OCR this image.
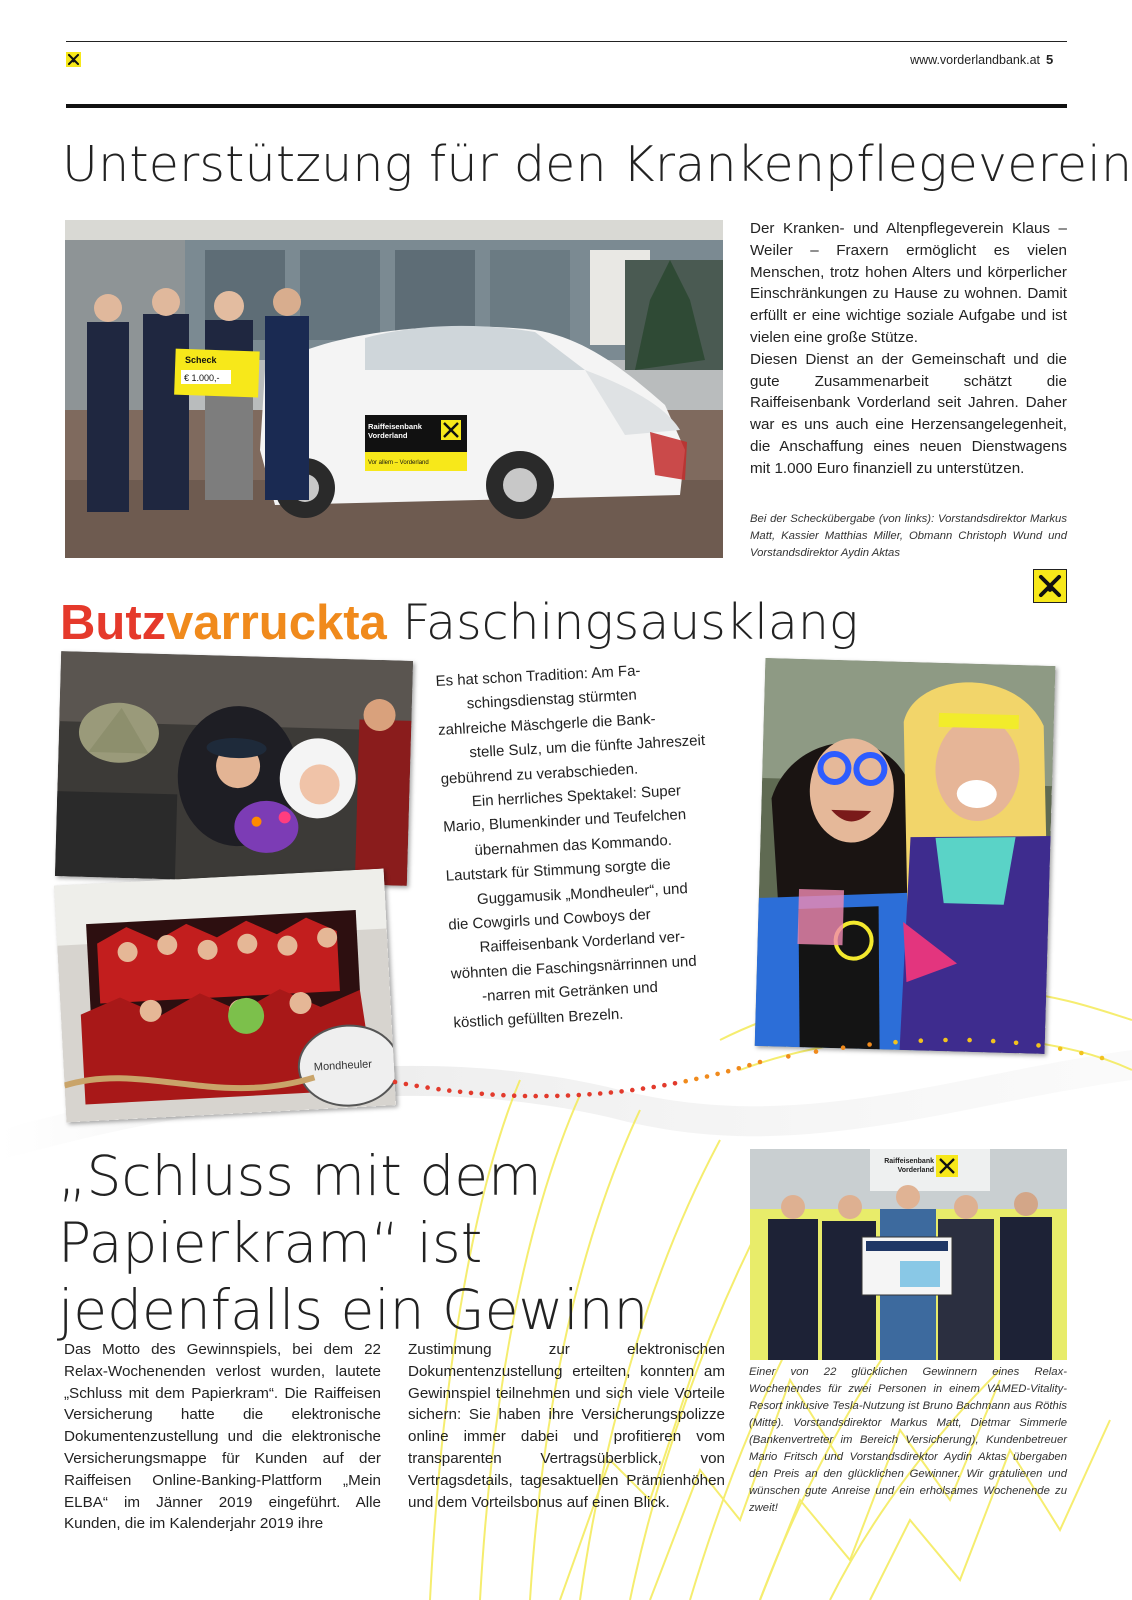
www.vorderlandbank.at 5
Unterstützung für den Krankenpflegeverein
Scheck
€ 1.000,-
Raiffeisenbank
Vorderland
Vor allem – Vorderland

Der Kranken- und Altenpflegeverein Klaus – Weiler – Fraxern ermöglicht es vielen Menschen, trotz hohen Alters und körperlicher Einschränkungen zu Hause zu wohnen. Damit erfüllt er eine wichtige soziale Aufgabe und ist vielen eine große Stütze.

Diesen Dienst an der Gemeinschaft und die gute Zusammenarbeit schätzt die Raiffeisenbank Vorderland seit Jahren. Daher war es uns auch eine Herzensangelegenheit, die Anschaffung eines neuen Dienstwagens mit 1.000 Euro finanziell zu unterstützen.

Bei der Scheckübergabe (von links): Vorstandsdirektor Markus Matt, Kassier Matthias Miller, Obmann Christoph Wund und Vorstandsdirektor Aydin Aktas

Butzvarruckta Faschingsausklang
Mondheuler

Es hat schon Tradition: Am Fa-

schingsdienstag stürmten

zahlreiche Mäschgerle die Bank-

stelle Sulz, um die fünfte Jahreszeit

gebührend zu verabschieden.

Ein herrliches Spektakel: Super

Mario, Blumenkinder und Teufelchen

übernahmen das Kommando.

Lautstark für Stimmung sorgte die

Guggamusik „Mondheuler“, und

die Cowgirls und Cowboys der

Raiffeisenbank Vorderland ver-

wöhnten die Faschingsnärrinnen und

-narren mit Getränken und

köstlich gefüllten Brezeln.

„Schluss mit dem
Papierkram“ ist
jedenfalls ein Gewinn

Das Motto des Gewinnspiels, bei dem 22 Relax-Wochenenden verlost wurden, lautete „Schluss mit dem Papierkram“. Die Raiffeisen Versicherung hatte die elektronische Dokumentenzustellung und die elektronische Versicherungsmappe für Kunden auf der Raiffeisen Online-Banking-Plattform „Mein ELBA“ im Jänner 2019 eingeführt. Alle Kunden, die im Kalenderjahr 2019 ihre

Zustimmung zur elektronischen Dokumentenzustellung erteilten, konnten am Gewinnspiel teilnehmen und sich viele Vorteile sichern: Sie haben ihre Versicherungspolizze online immer dabei und profitieren vom transparenten Vertragsüberblick, von Vertragsdetails, tagesaktuellen Prämienhöhen und dem Vorteilsbonus auf einen Blick.

Raiffeisenbank Vorderland

Einer von 22 glücklichen Gewinnern eines Relax-Wochenendes für zwei Personen in einem VAMED-Vitality-Resort inklusive Tesla-Nutzung ist Bruno Bachmann aus Röthis (Mitte). Vorstandsdirektor Markus Matt, Dietmar Simmerle (Bankenvertreter im Bereich Versicherung), Kundenbetreuer Mario Fritsch und Vorstandsdirektor Aydin Aktas übergaben den Preis an den glücklichen Gewinner. Wir gratulieren und wünschen gute Anreise und ein erholsames Wochenende zu zweit!
